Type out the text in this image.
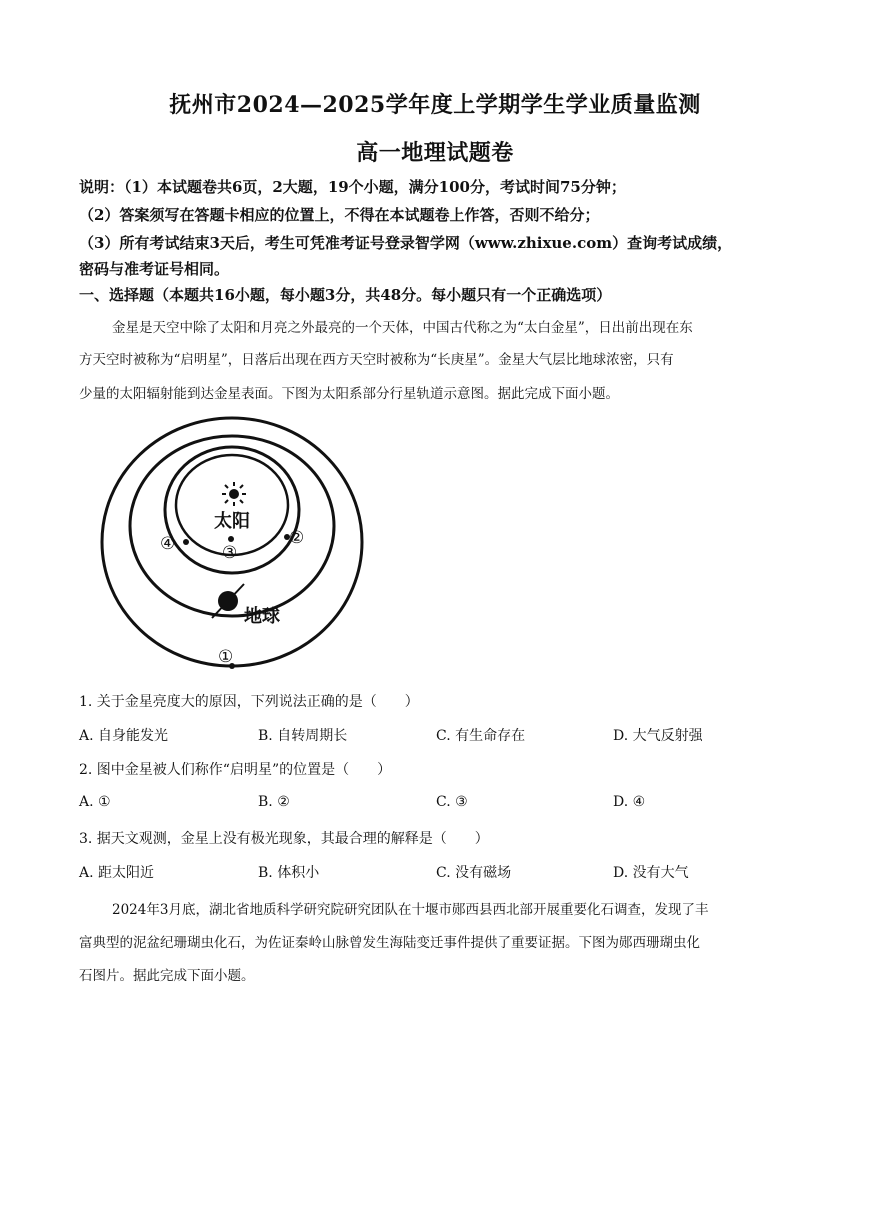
抚州市2024—2025学年度上学期学生学业质量监测
高一地理试题卷
说明：（1）本试题卷共6页，2大题，19个小题，满分100分，考试时间75分钟；
（2）答案须写在答题卡相应的位置上，不得在本试题卷上作答，否则不给分；
（3）所有考试结束3天后，考生可凭准考证号登录智学网（www.zhixue.com）查询考试成绩，
密码与准考证号相同。
一、选择题（本题共16小题，每小题3分，共48分。每小题只有一个正确选项）
金星是天空中除了太阳和月亮之外最亮的一个天体，中国古代称之为“太白金星”，日出前出现在东
方天空时被称为“启明星”，日落后出现在西方天空时被称为“长庚星”。金星大气层比地球浓密，只有
少量的太阳辐射能到达金星表面。下图为太阳系部分行星轨道示意图。据此完成下面小题。
太阳
地球
④	②
③
①
1. 关于金星亮度大的原因，下列说法正确的是（　　）
A. 自身能发光	B. 自转周期长	C. 有生命存在	D. 大气反射强
2. 图中金星被人们称作“启明星”的位置是（　　）
A. ①	B. ②	C. ③	D. ④
3. 据天文观测，金星上没有极光现象，其最合理的解释是（　　）
A. 距太阳近	B. 体积小	C. 没有磁场	D. 没有大气
2024年3月底，湖北省地质科学研究院研究团队在十堰市郧西县西北部开展重要化石调查，发现了丰
富典型的泥盆纪珊瑚虫化石，为佐证秦岭山脉曾发生海陆变迁事件提供了重要证据。下图为郧西珊瑚虫化
石图片。据此完成下面小题。
